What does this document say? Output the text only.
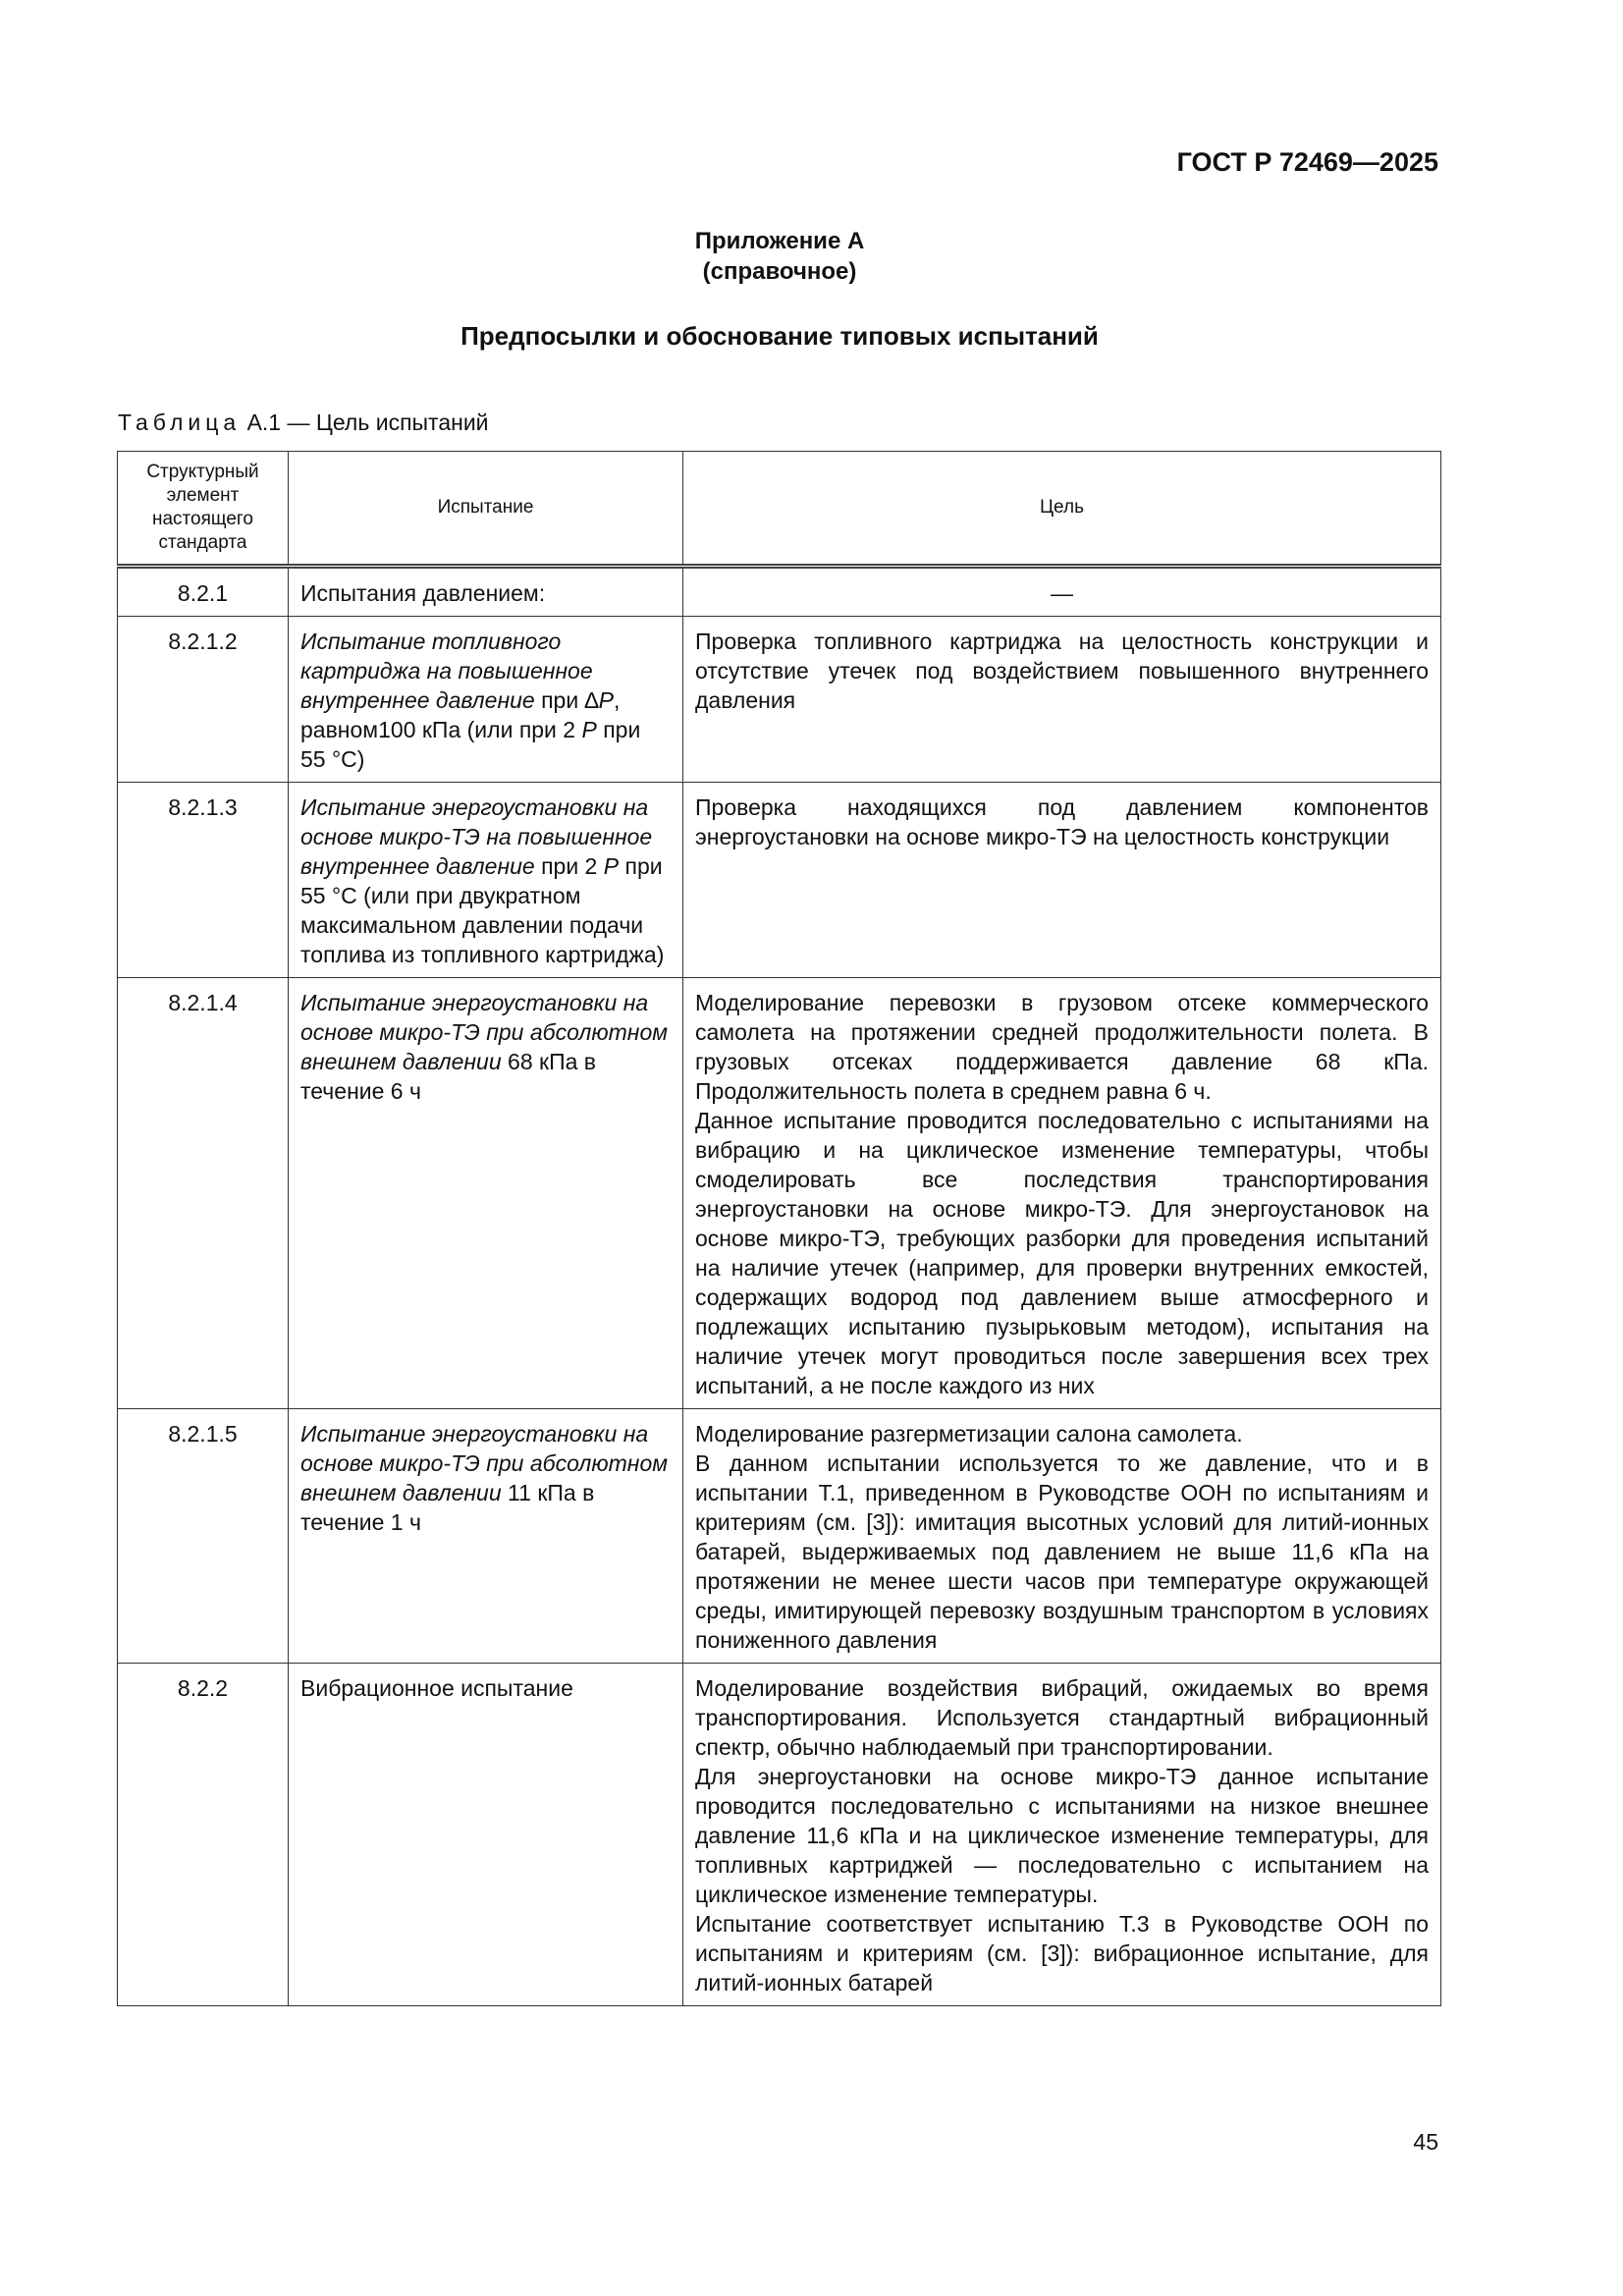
ГОСТ Р 72469—2025
Приложение А
(справочное)
Предпосылки и обоснование типовых испытаний
Таблица А.1 — Цель испытаний
Структурный элемент настоящего стандарта	Испытание	Цель
8.2.1	Испытания давлением:	—

8.2.1.2	Испытание топливного картриджа на повышенное внутреннее давление при ∆P, равном100 кПа (или при 2 P при 55 °C)	Проверка топливного картриджа на целостность конструкции и отсутствие утечек под воздействием повышенного внутреннего давления

8.2.1.3	Испытание энергоустановки на основе микро-ТЭ на повышенное внутреннее давление при 2 P при 55 °C (или при двукратном максимальном давлении подачи топлива из топливного картриджа)	Проверка находящихся под давлением компонентов энергоустановки на основе микро-ТЭ на целостность конструкции

8.2.1.4	Испытание энергоустановки на основе микро-ТЭ при абсолютном внешнем давлении 68 кПа в течение 6 ч	Моделирование перевозки в грузовом отсеке коммерческого самолета на протяжении средней продолжительности полета. В грузовых отсеках поддерживается давление 68 кПа. Продолжительность полета в среднем равна 6 ч.
Данное испытание проводится последовательно с испытаниями на вибрацию и на циклическое изменение температуры, чтобы смоделировать все последствия транспортирования энергоустановки на основе микро-ТЭ. Для энергоустановок на основе микро-ТЭ, требующих разборки для проведения испытаний на наличие утечек (например, для проверки внутренних емкостей, содержащих водород под давлением выше атмосферного и подлежащих испытанию пузырьковым методом), испытания на наличие утечек могут проводиться после завершения всех трех испытаний, а не после каждого из них

8.2.1.5	Испытание энергоустановки на основе микро-ТЭ при абсолютном внешнем давлении 11 кПа в течение 1 ч	Моделирование разгерметизации салона самолета.
В данном испытании используется то же давление, что и в испытании Т.1, приведенном в Руководстве ООН по испытаниям и критериям (см. [3]): имитация высотных условий для литий-ионных батарей, выдерживаемых под давлением не выше 11,6 кПа на протяжении не менее шести часов при температуре окружающей среды, имитирующей перевозку воздушным транспортом в условиях пониженного давления

8.2.2	Вибрационное испытание	Моделирование воздействия вибраций, ожидаемых во время транспортирования. Используется стандартный вибрационный спектр, обычно наблюдаемый при транспортировании.
Для энергоустановки на основе микро-ТЭ данное испытание проводится последовательно с испытаниями на низкое внешнее давление 11,6 кПа и на циклическое изменение температуры, для топливных картриджей — последовательно с испытанием на циклическое изменение температуры.
Испытание соответствует испытанию Т.3 в Руководстве ООН по испытаниям и критериям (см. [3]): вибрационное испытание, для литий-ионных батарей
45
